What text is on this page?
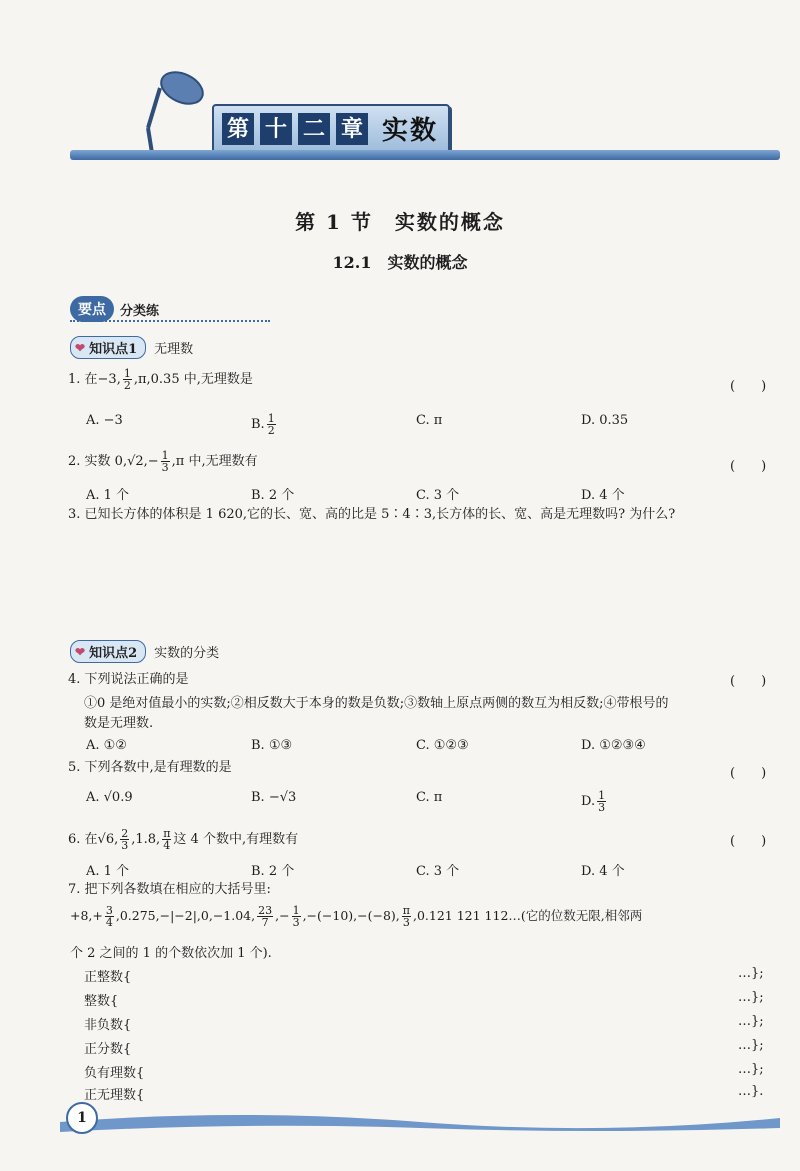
第 十 二 章 实数
第 1 节　实数的概念
12.1　实数的概念
要点	分类练
❤ 知识点1 无理数
1. 在−3, $\frac{1}{2} ,\pi,0.35$ 中,无理数是	(　　)
A. −3	B. $\frac{1}{2}$	C. π	D. 0.35
2. 实数 $0,√2,- \frac{1}{3} ,\pi$ 中,无理数有	(　　)
A. 1 个	B. 2 个	C. 3 个	D. 4 个
3. 已知长方体的体积是 1 620,它的长、宽、高的比是 5∶4∶3,长方体的长、宽、高是无理数吗? 为什么?
❤ 知识点2 实数的分类
4. 下列说法正确的是	(　　)
①0 是绝对值最小的实数;②相反数大于本身的数是负数;③数轴上原点两侧的数互为相反数;④带根号的
数是无理数.
A. ①②	B. ①③	C. ①②③	D. ①②③④
5. 下列各数中,是有理数的是	(　　)
A. √0.9	B. −√3	C. π	D. $\frac{1}{3}$
6. 在√6, $\frac{2}{3} ,1.8$, $\frac{\pi}{4}$ 这 4 个数中,有理数有	(　　)
A. 1 个	B. 2 个	C. 3 个	D. 4 个
7. 把下列各数填在相应的大括号里:
$+8,+ \frac{3}{4} ,0.275,-|-2|,0,-1.04$, $\frac{23}{7}$ ,− $\frac{1}{3} ,-(-10),-(-8)$, $\frac{\pi}{3} ,0.121$ 121 112…(它的位数无限,相邻两
个 2 之间的 1 的个数依次加 1 个).
正整数{	…};
整数{	…};
非负数{	…};
正分数{	…};
负有理数{	…};
正无理数{	…}.
1
